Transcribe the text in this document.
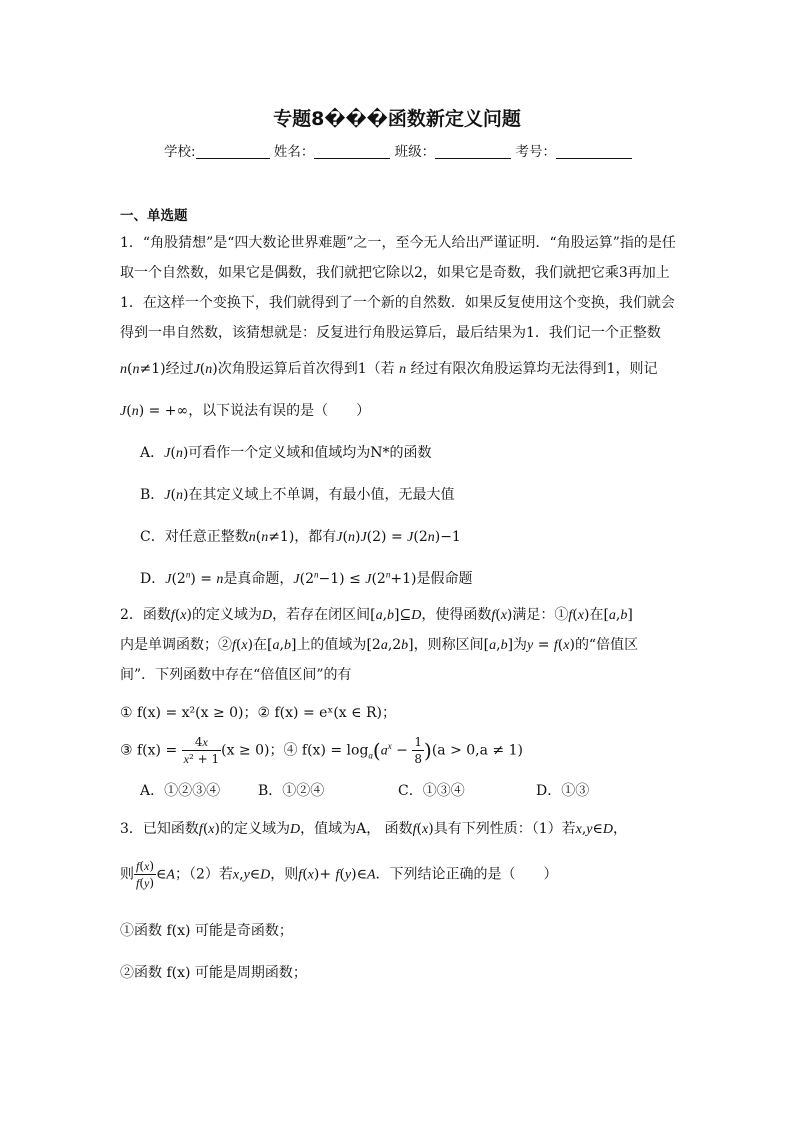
专题8���函数新定义问题
学校:	姓名：	班级：	考号：
一、单选题
1．“角股猜想”是“四大数论世界难题”之一，至今无人给出严谨证明．“角股运算”指的是任
取一个自然数，如果它是偶数，我们就把它除以2，如果它是奇数，我们就把它乘3再加上
1．在这样一个变换下，我们就得到了一个新的自然数．如果反复使用这个变换，我们就会
得到一串自然数，该猜想就是：反复进行角股运算后，最后结果为1．我们记一个正整数
n(n≠1)经过J(n)次角股运算后首次得到1（若 n 经过有限次角股运算均无法得到1，则记
J(n) = +∞，以下说法有误的是（　　）
A．J(n)可看作一个定义域和值域均为N*的函数
B．J(n)在其定义域上不单调，有最小值，无最大值
C．对任意正整数n(n≠1)，都有J(n)J(2) = J(2n)−1
D．$J(2^n) = n$是真命题，$J(2^n-1) \le J(2^n+1)$是假命题
2．函数f(x)的定义域为D，若存在闭区间[a,b]⊆D，使得函数f(x)满足：①f(x)在[a,b]
内是单调函数；②f(x)在[a,b]上的值域为[2a,2b]，则称区间[a,b]为y = f(x)的“倍值区
间”．下列函数中存在“倍值区间”的有
① f(x) = x²(x ≥ 0)；② f(x) = eˣ(x ∈ R)；
③ $f(x) = \frac{4x}{\text{x² + 1}} (x \ge 0)$；④ $f(x) = \log_a(a^x - \frac{1}{8} )(a > 0,a \ne 1)$
A．①②③④	B．①②④	C．①③④	D．①③
3．已知函数f(x)的定义域为D，值域为A， 函数f(x)具有下列性质：（1）若x,y∈D，
则 $\frac{f(x)}{f(y)}$ ∈A；（2）若x,y∈D，则f(x)+ f(y)∈A．下列结论正确的是（　　）
①函数 f(x) 可能是奇函数；
②函数 f(x) 可能是周期函数；
